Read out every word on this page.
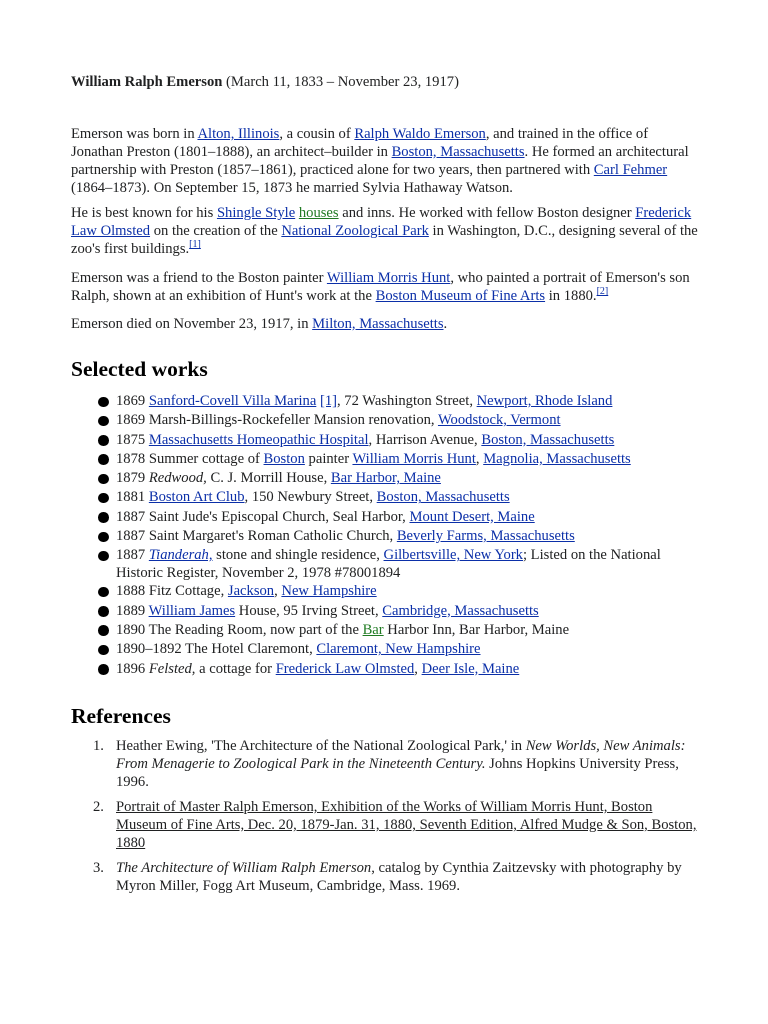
William Ralph Emerson (March 11, 1833 – November 23, 1917)

Emerson was born in Alton, Illinois, a cousin of Ralph Waldo Emerson, and trained in the office of Jonathan Preston (1801–1888), an architect–builder in Boston, Massachusetts. He formed an architectural partnership with Preston (1857–1861), practiced alone for two years, then partnered with Carl Fehmer (1864–1873). On September 15, 1873 he married Sylvia Hathaway Watson.

He is best known for his Shingle Style houses and inns. He worked with fellow Boston designer Frederick Law Olmsted on the creation of the National Zoological Park in Washington, D.C., designing several of the zoo's first buildings.[1]

Emerson was a friend to the Boston painter William Morris Hunt, who painted a portrait of Emerson's son Ralph, shown at an exhibition of Hunt's work at the Boston Museum of Fine Arts in 1880.[2]

Emerson died on November 23, 1917, in Milton, Massachusetts.

Selected works
1869 Sanford-Covell Villa Marina [1], 72 Washington Street, Newport, Rhode Island
1869 Marsh-Billings-Rockefeller Mansion renovation, Woodstock, Vermont
1875 Massachusetts Homeopathic Hospital, Harrison Avenue, Boston, Massachusetts
1878 Summer cottage of Boston painter William Morris Hunt, Magnolia, Massachusetts
1879 Redwood, C. J. Morrill House, Bar Harbor, Maine
1881 Boston Art Club, 150 Newbury Street, Boston, Massachusetts
1887 Saint Jude's Episcopal Church, Seal Harbor, Mount Desert, Maine
1887 Saint Margaret's Roman Catholic Church, Beverly Farms, Massachusetts
1887 Tianderah, stone and shingle residence, Gilbertsville, New York; Listed on the National Historic Register, November 2, 1978 #78001894
1888 Fitz Cottage, Jackson, New Hampshire
1889 William James House, 95 Irving Street, Cambridge, Massachusetts
1890 The Reading Room, now part of the Bar Harbor Inn, Bar Harbor, Maine
1890–1892 The Hotel Claremont, Claremont, New Hampshire
1896 Felsted, a cottage for Frederick Law Olmsted, Deer Isle, Maine
References
1. Heather Ewing, 'The Architecture of the National Zoological Park,' in New Worlds, New Animals: From Menagerie to Zoological Park in the Nineteenth Century. Johns Hopkins University Press, 1996.
2. Portrait of Master Ralph Emerson, Exhibition of the Works of William Morris Hunt, Boston Museum of Fine Arts, Dec. 20, 1879-Jan. 31, 1880, Seventh Edition, Alfred Mudge & Son, Boston, 1880
3. The Architecture of William Ralph Emerson, catalog by Cynthia Zaitzevsky with photography by Myron Miller, Fogg Art Museum, Cambridge, Mass. 1969.
